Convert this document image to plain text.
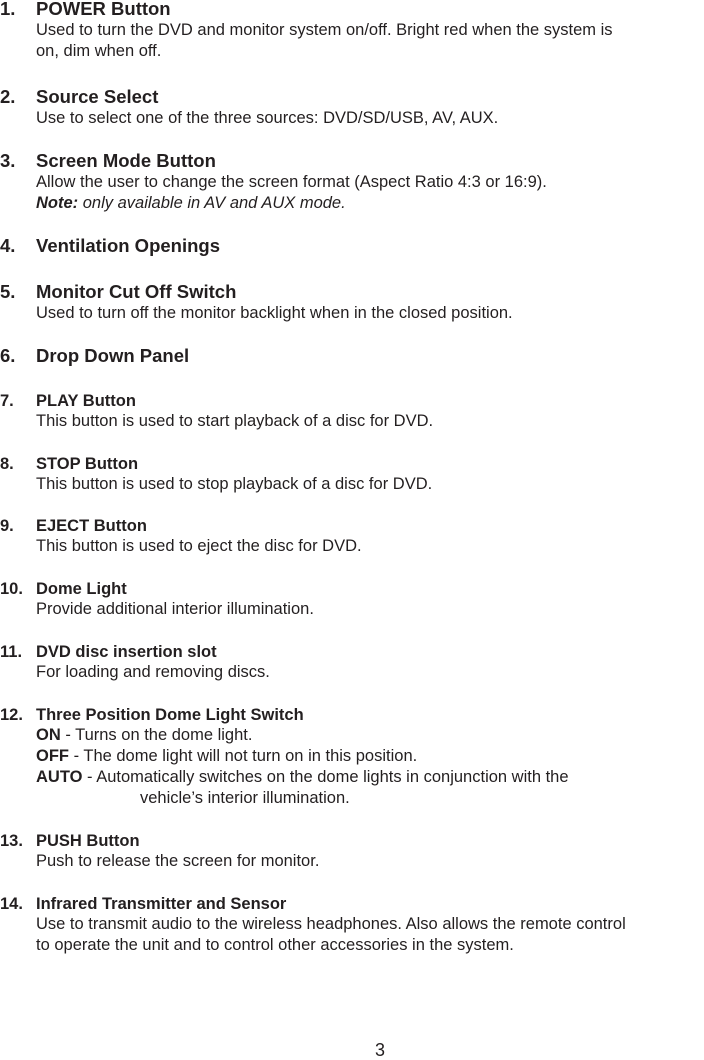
1. POWER Button
Used to turn the DVD and monitor system on/off. Bright red when the system is
on, dim when off.
2. Source Select
Use to select one of the three sources: DVD/SD/USB, AV, AUX.
3. Screen Mode Button
Allow the user to change the screen format (Aspect Ratio 4:3 or 16:9).
Note: only available in AV and AUX mode.
4. Ventilation Openings
5. Monitor Cut Off Switch
Used to turn off the monitor backlight when in the closed position.
6. Drop Down Panel
7. PLAY Button
This button is used to start playback of a disc for DVD.
8. STOP Button
This button is used to stop playback of a disc for DVD.
9. EJECT Button
This button is used to eject the disc for DVD.
10. Dome Light
Provide additional interior illumination.
11. DVD disc insertion slot
For loading and removing discs.
12. Three Position Dome Light Switch
ON - Turns on the dome light.
OFF - The dome light will not turn on in this position.
AUTO - Automatically switches on the dome lights in conjunction with the
vehicle’s interior illumination.
13. PUSH Button
Push to release the screen for monitor.
14. Infrared Transmitter and Sensor
Use to transmit audio to the wireless headphones. Also allows the remote control
to operate the unit and to control other accessories in the system.
3
